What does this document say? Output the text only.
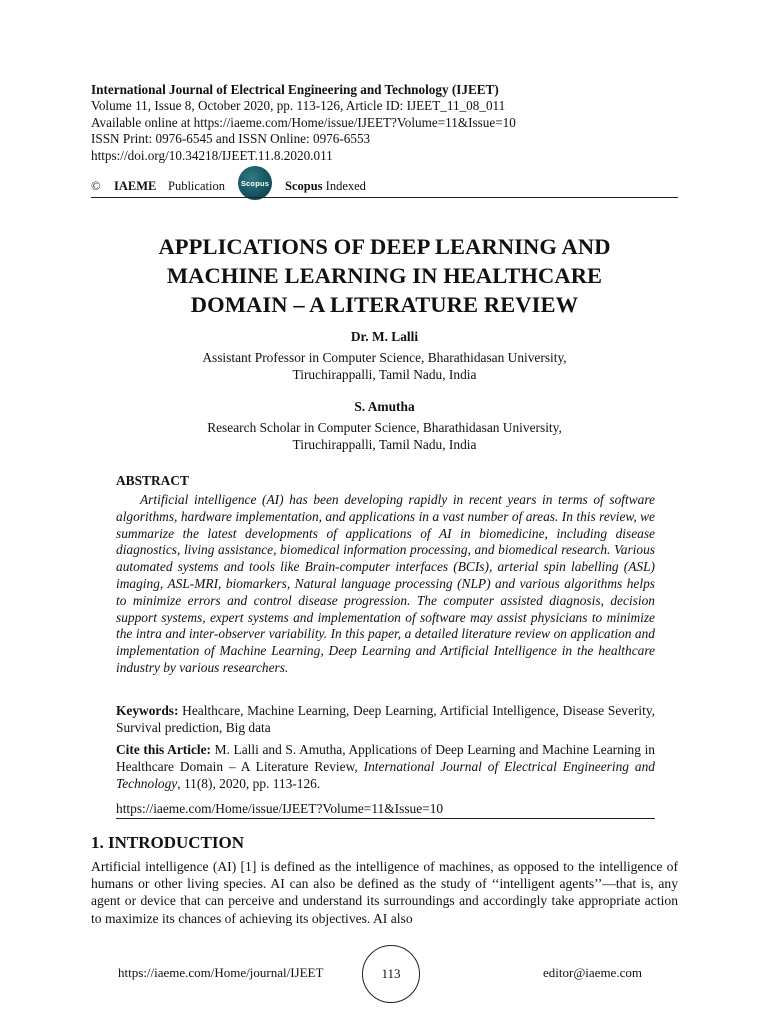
International Journal of Electrical Engineering and Technology (IJEET)
Volume 11, Issue 8, October 2020, pp. 113-126, Article ID: IJEET_11_08_011
Available online at https://iaeme.com/Home/issue/IJEET?Volume=11&Issue=10
ISSN Print: 0976-6545 and ISSN Online: 0976-6553
https://doi.org/10.34218/IJEET.11.8.2020.011
© IAEME Publication Scopus Scopus Indexed
APPLICATIONS OF DEEP LEARNING AND
MACHINE LEARNING IN HEALTHCARE
DOMAIN – A LITERATURE REVIEW
Dr. M. Lalli
Assistant Professor in Computer Science, Bharathidasan University,
Tiruchirappalli, Tamil Nadu, India
S. Amutha
Research Scholar in Computer Science, Bharathidasan University,
Tiruchirappalli, Tamil Nadu, India
ABSTRACT
Artificial intelligence (AI) has been developing rapidly in recent years in terms of software algorithms, hardware implementation, and applications in a vast number of areas. In this review, we summarize the latest developments of applications of AI in biomedicine, including disease diagnostics, living assistance, biomedical information processing, and biomedical research. Various automated systems and tools like Brain-computer interfaces (BCIs), arterial spin labelling (ASL) imaging, ASL-MRI, biomarkers, Natural language processing (NLP) and various algorithms helps to minimize errors and control disease progression. The computer assisted diagnosis, decision support systems, expert systems and implementation of software may assist physicians to minimize the intra and inter-observer variability. In this paper, a detailed literature review on application and implementation of Machine Learning, Deep Learning and Artificial Intelligence in the healthcare industry by various researchers.
Keywords: Healthcare, Machine Learning, Deep Learning, Artificial Intelligence, Disease Severity, Survival prediction, Big data
Cite this Article: M. Lalli and S. Amutha, Applications of Deep Learning and Machine Learning in Healthcare Domain – A Literature Review, International Journal of Electrical Engineering and Technology, 11(8), 2020, pp. 113-126.
https://iaeme.com/Home/issue/IJEET?Volume=11&Issue=10
1. INTRODUCTION
Artificial intelligence (AI) [1] is defined as the intelligence of machines, as opposed to the intelligence of humans or other living species. AI can also be defined as the study of ‘‘intelligent agents’’—that is, any agent or device that can perceive and understand its surroundings and accordingly take appropriate action to maximize its chances of achieving its objectives. AI also
https://iaeme.com/Home/journal/IJEET	113	editor@iaeme.com
